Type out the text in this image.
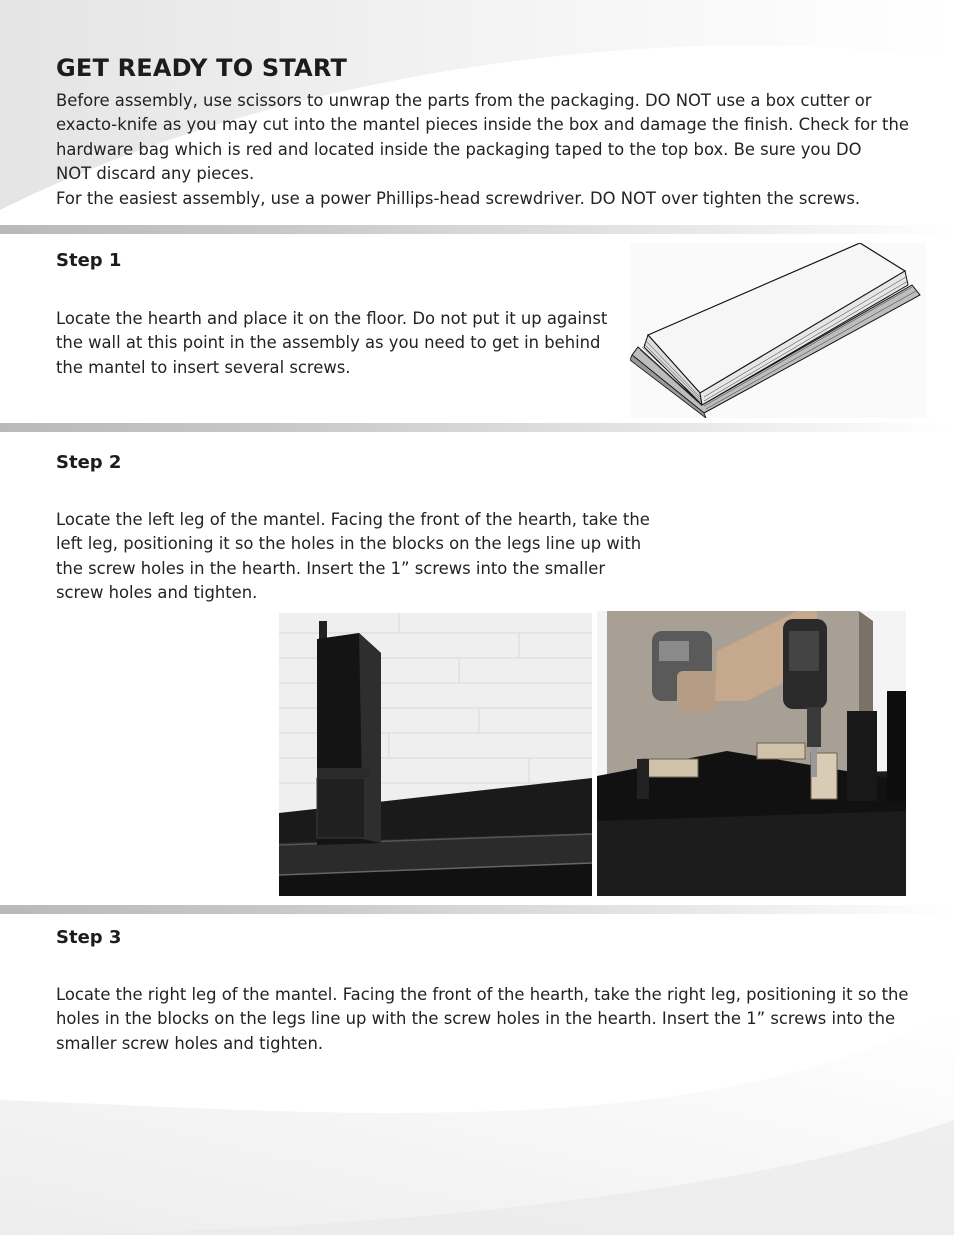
GET READY TO START

Before assembly, use scissors to unwrap the parts from the packaging. DO NOT use a box cutter or

exacto-knife as you may cut into the mantel pieces inside the box and damage the finish. Check for the

hardware bag which is red and located inside the packaging taped to the top box. Be sure you DO

NOT discard any pieces.

For the easiest assembly, use a power Phillips-head screwdriver. DO NOT over tighten the screws.

Step 1
Locate the hearth and place it on the floor. Do not put it up against
the wall at this point in the assembly as you need to get in behind
the mantel to insert several screws.
Step 2
Locate the left leg of the mantel. Facing the front of the hearth, take the
left leg, positioning it so the holes in the blocks on the legs line up with
the screw holes in the hearth. Insert the 1” screws into the smaller
screw holes and tighten.
Step 3
Locate the right leg of the mantel. Facing the front of the hearth, take the right leg, positioning it so the
holes in the blocks on the legs line up with the screw holes in the hearth. Insert the 1” screws into the
smaller screw holes and tighten.
